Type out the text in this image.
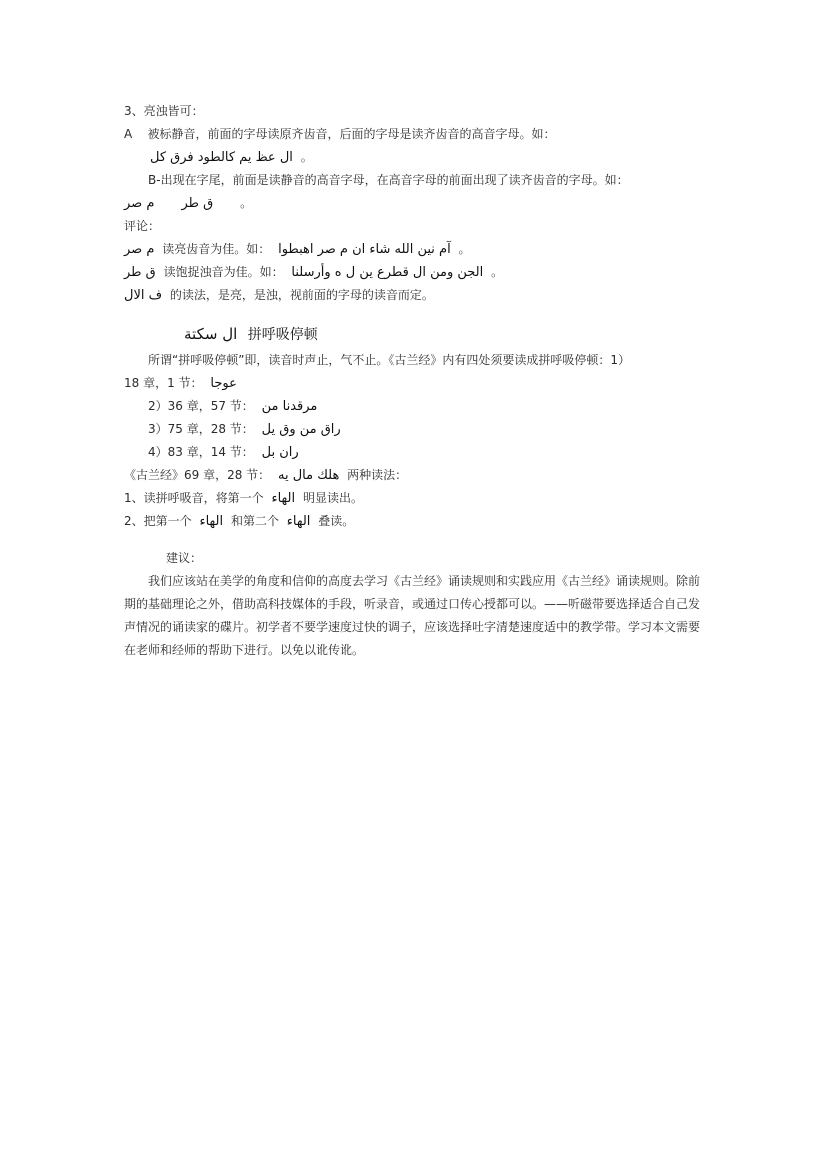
3、亮浊皆可：
A 被标静音，前面的字母读原齐齿音，后面的字母是读齐齿音的高音字母。如：
ال عظ يم كالطود فرق كل 。
B-出现在字尾，前面是读静音的高音字母，在高音字母的前面出现了读齐齿音的字母。如：
م صر ق طر 。
评论：
م صر 读亮齿音为佳。如： آم نين الله شاء ان م صر اهبطوا 。
ق طر 读饱捉浊音为佳。如： الجن ومن ال قطرع ين ل ه وأرسلنا 。
ف الال 的读法，是亮，是浊，视前面的字母的读音而定。
ال سكتة 拼呼吸停顿
所谓“拼呼吸停顿”即，读音时声止，气不止。《古兰经》内有四处须要读成拼呼吸停顿：1）
18 章，1 节： عوجا
2）36 章，57 节： مرقدنا من
3）75 章，28 节： راق من وق يل
4）83 章，14 节： ران بل
《古兰经》69 章，28 节： هلك مال يه 两种读法：
1、读拼呼吸音，将第一个 الهاء 明显读出。
2、把第一个 الهاء 和第二个 الهاء 叠读。
建议：

我们应该站在美学的角度和信仰的高度去学习《古兰经》诵读规则和实践应用《古兰经》诵读规则。除前期的基础理论之外，借助高科技媒体的手段，听录音，或通过口传心授都可以。——听磁带要选择适合自己发声情况的诵读家的碟片。初学者不要学速度过快的调子，应该选择吐字清楚速度适中的教学带。学习本文需要在老师和经师的帮助下进行。以免以讹传讹。
